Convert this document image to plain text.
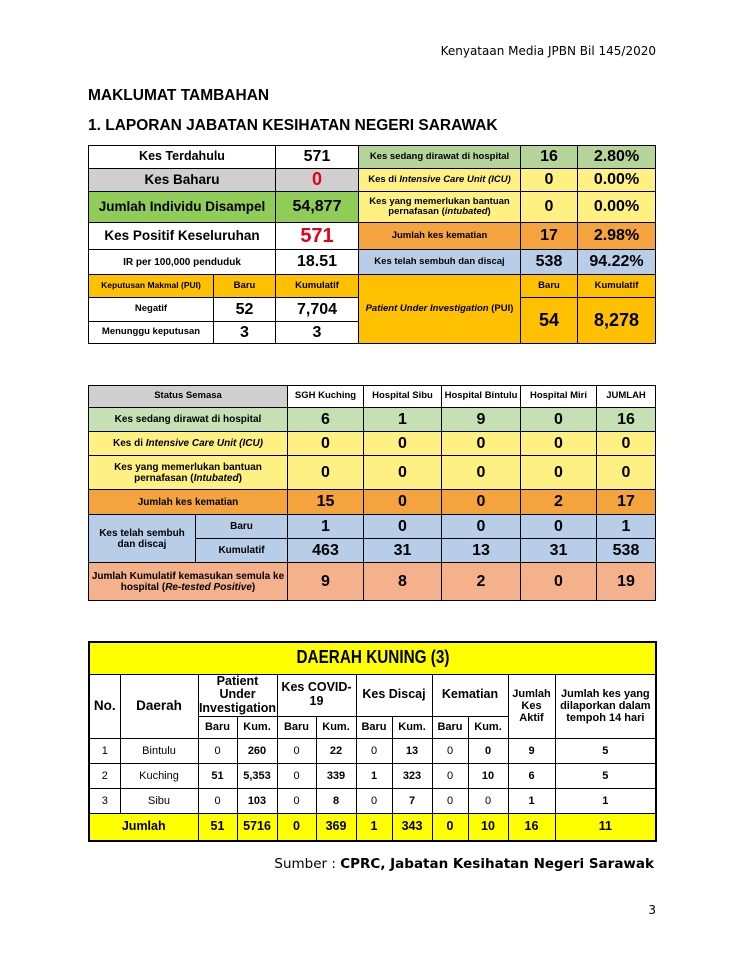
Kenyataan Media JPBN Bil 145/2020
MAKLUMAT TAMBAHAN
1. LAPORAN JABATAN KESIHATAN NEGERI SARAWAK
Kes Terdahulu		571	Kes sedang dirawat di hospital	16	2.80%
Kes Baharu		0	Kes di Intensive Care Unit (ICU)	0	0.00%
Jumlah Individu Disampel		54,877	Kes yang memerlukan bantuan pernafasan (intubated)	0	0.00%
Kes Positif Keseluruhan		571	Jumlah kes kematian	17	2.98%
IR per 100,000 penduduk		18.51	Kes telah sembuh dan discaj	538	94.22%
Keputusan Makmal (PUI)	Baru	Kumulatif	Patient Under Investigation (PUI)	Baru	Kumulatif
Negatif	52	7,704		54	8,278
Menunggu keputusan	3	3			
Status Semasa		SGH Kuching	Hospital Sibu	Hospital Bintulu	Hospital Miri	JUMLAH
Kes sedang dirawat di hospital		6	1	9	0	16
Kes di Intensive Care Unit (ICU)		0	0	0	0	0
Kes yang memerlukan bantuan pernafasan (Intubated)		0	0	0	0	0
Jumlah kes kematian		15	0	0	2	17
Kes telah sembuh dan discaj	Baru	1	0	0	0	1
	Kumulatif	463	31	13	31	538
Jumlah Kumulatif kemasukan semula ke hospital (Re-tested Positive)		9	8	2	0	19
DAERAH KUNING (3)											
No.	Daerah	Patient Under Investigation		Kes COVID-19		Kes Discaj		Kematian		Jumlah Kes Aktif	Jumlah kes yang dilaporkan dalam tempoh 14 hari
		Baru	Kum.	Baru	Kum.	Baru	Kum.	Baru	Kum.		
1	Bintulu	0	260	0	22	0	13	0	0	9	5
2	Kuching	51	5,353	0	339	1	323	0	10	6	5
3	Sibu	0	103	0	8	0	7	0	0	1	1
Jumlah		51	5716	0	369	1	343	0	10	16	11
Sumber : CPRC, Jabatan Kesihatan Negeri Sarawak
3
